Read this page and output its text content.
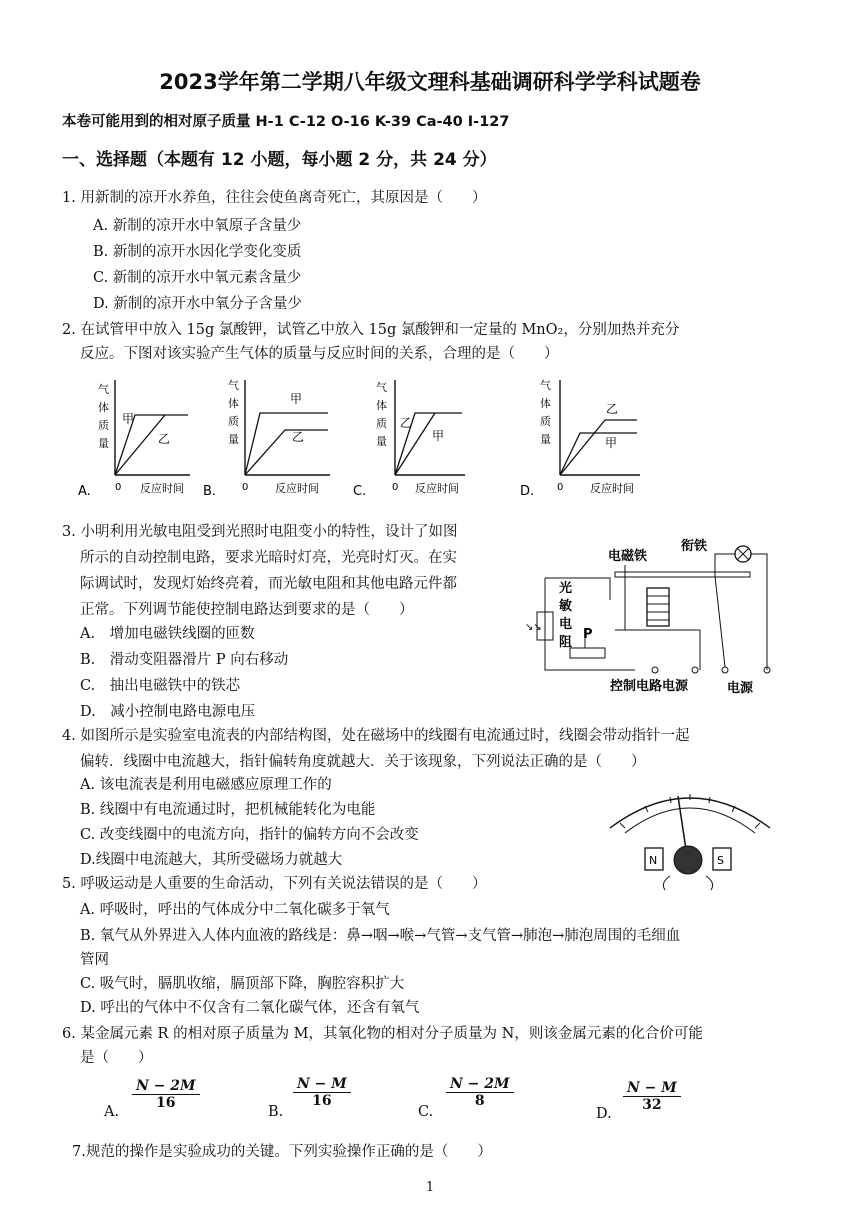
2023学年第二学期八年级文理科基础调研科学学科试题卷
本卷可能用到的相对原子质量 H-1 C-12 O-16 K-39 Ca-40 I-127
一、选择题（本题有 12 小题，每小题 2 分，共 24 分）
1. 用新制的凉开水养鱼，往往会使鱼离奇死亡，其原因是（　　）
A. 新制的凉开水中氧原子含量少
B. 新制的凉开水因化学变化变质
C. 新制的凉开水中氧元素含量少
D. 新制的凉开水中氧分子含量少
2. 在试管甲中放入 15g 氯酸钾，试管乙中放入 15g 氯酸钾和一定量的 MnO₂，分别加热并充分
反应。下图对该实验产生气体的质量与反应时间的关系，合理的是（　　）
气
体
质
量
甲
乙
0 反应时间
A.
气
体
质
量
甲
乙
0 反应时间
B.
气
体
质
量
乙
甲
0 反应时间
C.
气
体
质
量
乙
甲
0 反应时间
D.
3. 小明利用光敏电阻受到光照时电阻变小的特性，设计了如图
所示的自动控制电路，要求光暗时灯亮，光亮时灯灭。在实
际调试时，发现灯始终亮着，而光敏电阻和其他电路元件都
正常。下列调节能使控制电路达到要求的是（　　）
A.　增加电磁铁线圈的匝数
B.　滑动变阻器滑片 P 向右移动
C.　抽出电磁铁中的铁芯
D.　减小控制电路电源电压
电磁铁
衔铁
↘↘
光
敏
电
阻
P
控制电路电源	电源
4. 如图所示是实验室电流表的内部结构图，处在磁场中的线圈有电流通过时，线圈会带动指针一起
偏转．线圈中电流越大，指针偏转角度就越大．关于该现象，下列说法正确的是（　　）
A. 该电流表是利用电磁感应原理工作的
B. 线圈中有电流通过时，把机械能转化为电能
C. 改变线圈中的电流方向，指针的偏转方向不会改变
D.线圈中电流越大，其所受磁场力就越大	N	S
5. 呼吸运动是人重要的生命活动，下列有关说法错误的是（　　）
A. 呼吸时，呼出的气体成分中二氧化碳多于氧气
B. 氧气从外界进入人体内血液的路线是：鼻→咽→喉→气管→支气管→肺泡→肺泡周围的毛细血
管网
C. 吸气时，膈肌收缩，膈顶部下降，胸腔容积扩大
D. 呼出的气体中不仅含有二氧化碳气体，还含有氧气
6. 某金属元素 R 的相对原子质量为 M，其氧化物的相对分子质量为 N，则该金属元素的化合价可能
是（　　）
A.
$\frac{N - 2M}{16}$
B.
$\frac{N - M}{16}$
C.
$\frac{N - 2M}{8}$
D.
$\frac{N - M}{32}$
7.规范的操作是实验成功的关键。下列实验操作正确的是（　　）
1
